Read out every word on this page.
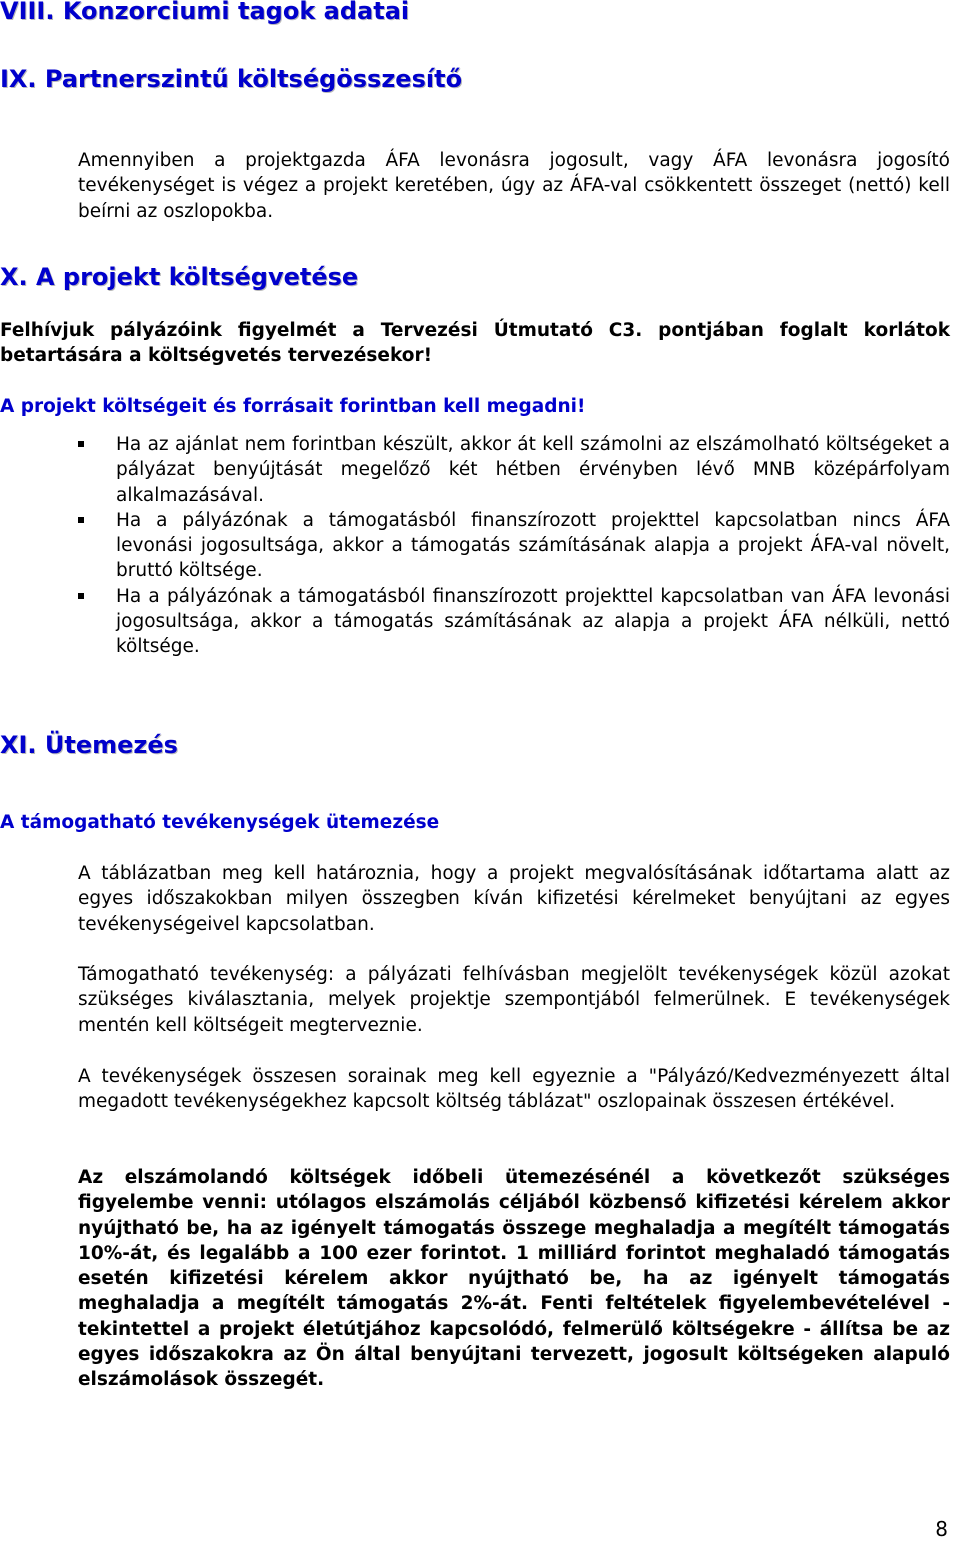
VIII. Konzorciumi tagok adatai
IX. Partnerszintű költségösszesítő

Amennyiben a projektgazda ÁFA levonásra jogosult, vagy ÁFA levonásra jogosító tevékenységet is végez a projekt keretében, úgy az ÁFA-val csökkentett összeget (nettó) kell beírni az oszlopokba.

X. A projekt költségvetése

Felhívjuk pályázóink figyelmét a Tervezési Útmutató C3. pontjában foglalt korlátok betartására a költségvetés tervezésekor!

A projekt költségeit és forrásait forintban kell megadni!

Ha az ajánlat nem forintban készült, akkor át kell számolni az elszámolható költségeket a pályázat benyújtását megelőző két hétben érvényben lévő MNB középárfolyam alkalmazásával.
Ha a pályázónak a támogatásból finanszírozott projekttel kapcsolatban nincs ÁFA levonási jogosultsága, akkor a támogatás számításának alapja a projekt ÁFA-val növelt, bruttó költsége.
Ha a pályázónak a támogatásból finanszírozott projekttel kapcsolatban van ÁFA levonási jogosultsága, akkor a támogatás számításának az alapja a projekt ÁFA nélküli, nettó költsége.
XI. Ütemezés

A támogatható tevékenységek ütemezése

A táblázatban meg kell határoznia, hogy a projekt megvalósításának időtartama alatt az egyes időszakokban milyen összegben kíván kifizetési kérelmeket benyújtani az egyes tevékenységeivel kapcsolatban.

Támogatható tevékenység: a pályázati felhívásban megjelölt tevékenységek közül azokat szükséges kiválasztania, melyek projektje szempontjából felmerülnek. E tevékenységek mentén kell költségeit megterveznie.

A tevékenységek összesen sorainak meg kell egyeznie a "Pályázó/Kedvezményezett által megadott tevékenységekhez kapcsolt költség táblázat" oszlopainak összesen értékével.

Az elszámolandó költségek időbeli ütemezésénél a következőt szükséges figyelembe venni: utólagos elszámolás céljából közbenső kifizetési kérelem akkor nyújtható be, ha az igényelt támogatás összege meghaladja a megítélt támogatás 10%-át, és legalább a 100 ezer forintot. 1 milliárd forintot meghaladó támogatás esetén kifizetési kérelem akkor nyújtható be, ha az igényelt támogatás meghaladja a megítélt támogatás 2%-át. Fenti feltételek figyelembevételével - tekintettel a projekt életútjához kapcsolódó, felmerülő költségekre - állítsa be az egyes időszakokra az Ön által benyújtani tervezett, jogosult költségeken alapuló elszámolások összegét.

8
